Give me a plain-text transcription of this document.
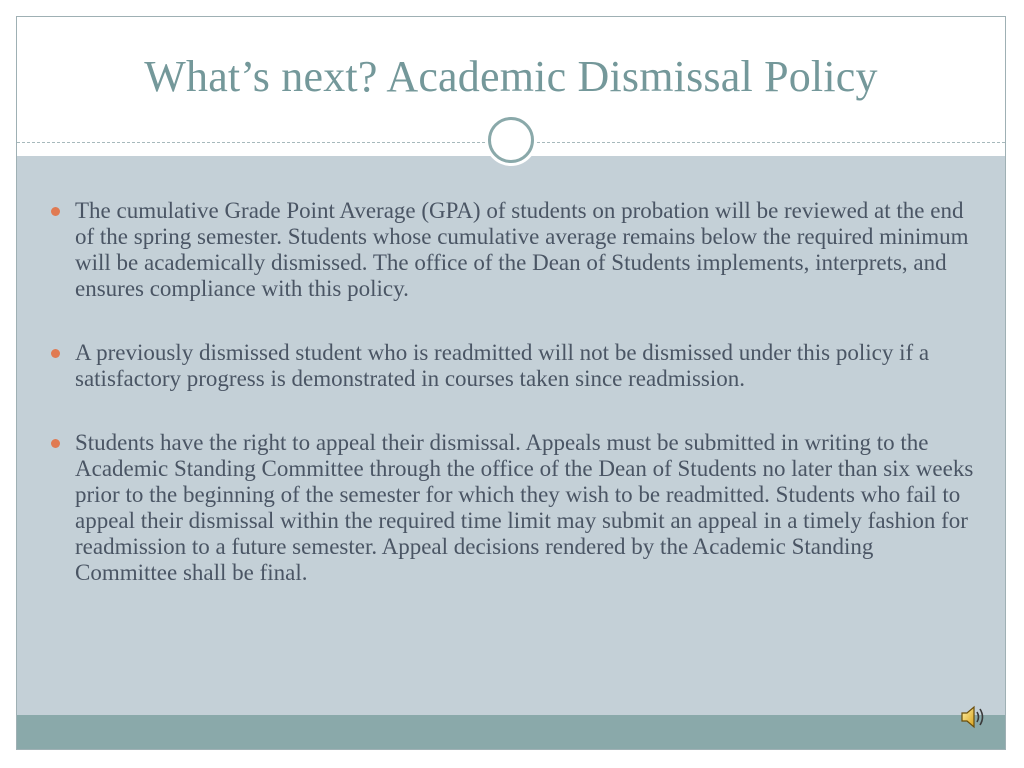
What’s next? Academic Dismissal Policy
The cumulative Grade Point Average (GPA) of students on probation will be reviewed at the end of the spring semester. Students whose cumulative average remains below the required minimum will be academically dismissed. The office of the Dean of Students implements, interprets, and ensures compliance with this policy.
A previously dismissed student who is readmitted will not be dismissed under this policy if a satisfactory progress is demonstrated in courses taken since readmission.
Students have the right to appeal their dismissal. Appeals must be submitted in writing to the Academic Standing Committee through the office of the Dean of Students no later than six weeks prior to the beginning of the semester for which they wish to be readmitted. Students who fail to appeal their dismissal within the required time limit may submit an appeal in a timely fashion for readmission to a future semester. Appeal decisions rendered by the Academic Standing Committee shall be final.
